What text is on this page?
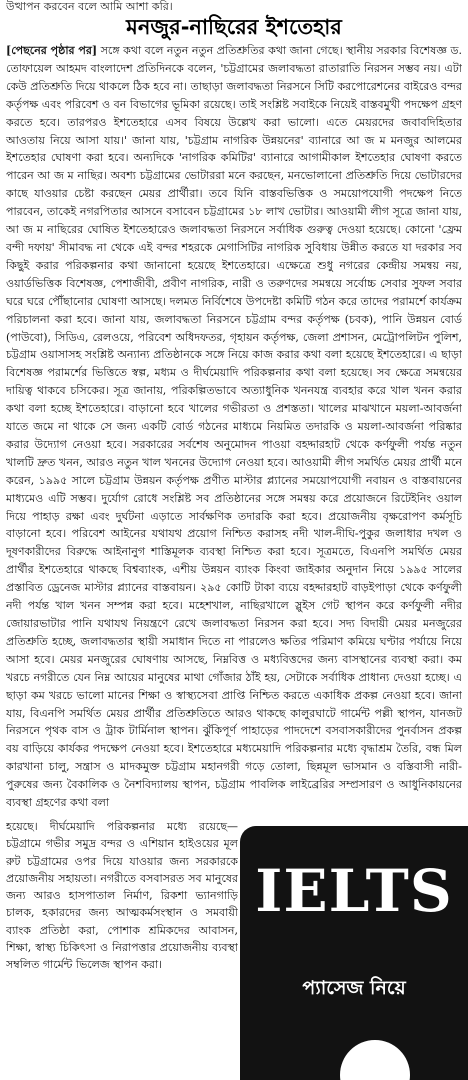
উত্থাপন করবেন বলে আমি আশা করি।
মনজুর-নাছিরের ইশতেহার

[পেছনের পৃষ্ঠার পর] সঙ্গে কথা বলে নতুন নতুন প্রতিশ্রুতির কথা জানা গেছে। স্থানীয় সরকার বিশেষজ্ঞ ড. তোফায়েল আহমদ বাংলাদেশ প্রতিদিনকে বলেন, 'চট্টগ্রামের জলাবদ্ধতা রাতারাতি নিরসন সম্ভব নয়। এটা কেউ প্রতিশ্রুতি দিয়ে থাকলে ঠিক হবে না। তাছাড়া জলাবদ্ধতা নিরসনে সিটি করপোরেশনের বাইরেও বন্দর কর্তৃপক্ষ এবং পরিবেশ ও বন বিভাগের ভূমিকা রয়েছে। তাই সংশ্লিষ্ট সবাইকে নিয়েই বাস্তবমুখী পদক্ষেপ গ্রহণ করতে হবে। তারপরও ইশতেহারে এসব বিষয়ে উল্লেখ করা ভালো। এতে মেয়রদের জবাবদিহিতার আওতায় নিয়ে আসা যায়।' জানা যায়, 'চট্টগ্রাম নাগরিক উন্নয়নের' ব্যানারে আ জ ম মনজুর আলমের ইশতেহার ঘোষণা করা হবে। অন্যদিকে 'নাগরিক কমিটির' ব্যানারে আগামীকাল ইশতেহার ঘোষণা করতে পারেন আ জ ম নাছির। অবশ্য চট্টগ্রামের ভোটাররা মনে করছেন, মনভোলানো প্রতিশ্রুতি দিয়ে ভোটারদের কাছে যাওয়ার চেষ্টা করছেন মেয়র প্রার্থীরা। তবে যিনি বাস্তবভিত্তিক ও সময়োপযোগী পদক্ষেপ নিতে পারবেন, তাকেই নগরপিতার আসনে বসাবেন চট্টগ্রামের ১৮ লাখ ভোটার। আওয়ামী লীগ সূত্রে জানা যায়, আ জ ম নাছিরের ঘোষিত ইশতেহারেও জলাবদ্ধতা নিরসনে সর্বাধিক গুরুত্ব দেওয়া হয়েছে। কোনো 'ফ্রেম বন্দী দফায়' সীমাবদ্ধ না থেকে এই বন্দর শহরকে মেগাসিটির নাগরিক সুবিধায় উন্নীত করতে যা দরকার সব কিছুই করার পরিকল্পনার কথা জানানো হয়েছে ইশতেহারে। এক্ষেত্রে শুধু নগরের কেন্দ্রীয় সমন্বয় নয়, ওয়ার্ডভিত্তিক বিশেষজ্ঞ, পেশাজীবী, প্রবীণ নাগরিক, নারী ও তরুণদের সমন্বয়ে সর্বোচ্চ সেবার সুফল সবার ঘরে ঘরে পৌঁছানোর ঘোষণা আসছে। দলমত নির্বিশেষে উপদেষ্টা কমিটি গঠন করে তাদের পরামর্শে কার্যক্রম পরিচালনা করা হবে। জানা যায়, জলাবদ্ধতা নিরসনে চট্টগ্রাম বন্দর কর্তৃপক্ষ (চবক), পানি উন্নয়ন বোর্ড (পাউবো), সিডিএ, রেলওয়ে, পরিবেশ অধিদফতর, গৃহায়ন কর্তৃপক্ষ, জেলা প্রশাসন, মেট্রোপলিটন পুলিশ, চট্টগ্রাম ওয়াসাসহ সংশ্লিষ্ট অন্যান্য প্রতিষ্ঠানকে সঙ্গে নিয়ে কাজ করার কথা বলা হয়েছে ইশতেহারে। এ ছাড়া বিশেষজ্ঞ পরামর্শের ভিত্তিতে স্বল্প, মধ্যম ও দীর্ঘমেয়াদি পরিকল্পনার কথা বলা হয়েছে। সব ক্ষেত্রে সমন্বয়ের দায়িত্ব থাকবে চসিকের। সূত্র জানায়, পরিকল্পিতভাবে অত্যাধুনিক খননযন্ত্র ব্যবহার করে খাল খনন করার কথা বলা হচ্ছে ইশতেহারে। বাড়ানো হবে খালের গভীরতা ও প্রশস্ততা। খালের মাঝখানে ময়লা-আবর্জনা যাতে জমে না থাকে সে জন্য একটি বোর্ড গঠনের মাধ্যমে নিয়মিত তদারকি ও ময়লা-আবর্জনা পরিষ্কার করার উদ্যোগ নেওয়া হবে। সরকারের সর্বশেষ অনুমোদন পাওয়া বহদ্দারহাট থেকে কর্ণফুলী পর্যন্ত নতুন খালটি দ্রুত খনন, আরও নতুন খাল খননের উদ্যোগ নেওয়া হবে। আওয়ামী লীগ সমর্থিত মেয়র প্রার্থী মনে করেন, ১৯৯৫ সালে চট্টগ্রাম উন্নয়ন কর্তৃপক্ষ প্রণীত মাস্টার প্ল্যানের সময়োপযোগী নবায়ন ও বাস্তবায়নের মাধ্যমেও এটি সম্ভব। দুর্যোগ রোধে সংশ্লিষ্ট সব প্রতিষ্ঠানের সঙ্গে সমন্বয় করে প্রয়োজনে রিটেইনিং ওয়াল দিয়ে পাহাড় রক্ষা এবং দুর্ঘটনা এড়াতে সার্বক্ষণিক তদারকি করা হবে। প্রয়োজনীয় বৃক্ষরোপণ কর্মসূচি বাড়ানো হবে। পরিবেশ আইনের যথাযথ প্রয়োগ নিশ্চিত করাসহ নদী খাল-দীঘি-পুকুর জলাধার দখল ও দূষণকারীদের বিরুদ্ধে আইনানুগ শাস্তিমূলক ব্যবস্থা নিশ্চিত করা হবে। সূত্রমতে, বিএনপি সমর্থিত মেয়র প্রার্থীর ইশতেহারে থাকছে বিশ্বব্যাংক, এশীয় উন্নয়ন ব্যাংক কিংবা জাইকার অনুদান নিয়ে ১৯৯৫ সালের প্রস্তাবিত ড্রেনেজ মাস্টার প্ল্যানের বাস্তবায়ন। ২৯৫ কোটি টাকা ব্যয়ে বহদ্দারহাট বাড়ইপাড়া থেকে কর্ণফুলী নদী পর্যন্ত খাল খনন সম্পন্ন করা হবে। মহেশখাল, নাছিরখালে স্লুইস গেট স্থাপন করে কর্ণফুলী নদীর জোয়ারভাটার পানি যথাযথ নিয়ন্ত্রণে রেখে জলাবদ্ধতা নিরসন করা হবে। সদ্য বিদায়ী মেয়র মনজুরের প্রতিশ্রুতি হচ্ছে, জলাবদ্ধতার স্থায়ী সমাধান দিতে না পারলেও ক্ষতির পরিমাণ কমিয়ে ঘণ্টার পর্যায়ে নিয়ে আসা হবে। মেয়র মনজুরের ঘোষণায় আসছে, নিম্নবিত্ত ও মধ্যবিত্তদের জন্য বাসস্থানের ব্যবস্থা করা। কম খরচে নগরীতে যেন নিম্ন আয়ের মানুষের মাথা গোঁজার ঠাঁই হয়, সেটাকে সর্বাধিক প্রাধান্য দেওয়া হচ্ছে। এ ছাড়া কম খরচে ভালো মানের শিক্ষা ও স্বাস্থ্যসেবা প্রাপ্তি নিশ্চিত করতে একাধিক প্রকল্প নেওয়া হবে। জানা যায়, বিএনপি সমর্থিত মেয়র প্রার্থীর প্রতিশ্রুতিতে আরও থাকছে কালুরঘাটে গার্মেন্ট পল্লী স্থাপন, যানজট নিরসনে পৃথক বাস ও ট্রাক টার্মিনাল স্থাপন। ঝুঁকিপূর্ণ পাহাড়ের পাদদেশে বসবাসকারীদের পুনর্বাসন প্রকল্প বয় বাড়িয়ে কার্যকর পদক্ষেপ নেওয়া হবে। ইশতেহারে মধ্যমেয়াদি পরিকল্পনার মধ্যে বৃদ্ধাশ্রম তৈরি, বন্ধ মিল কারখানা চালু, সন্ত্রাস ও মাদকমুক্ত চট্টগ্রাম মহানগরী গড়ে তোলা, ছিন্নমূল ভাসমান ও বস্তিবাসী নারী-পুরুষের জন্য বৈকালিক ও নৈশবিদ্যালয় স্থাপন, চট্টগ্রাম পাবলিক লাইব্রেরির সম্প্রসারণ ও আধুনিকায়নের ব্যবস্থা গ্রহণের কথা বলা

হয়েছে। দীর্ঘমেয়াদি পরিকল্পনার মধ্যে রয়েছে— চট্টগ্রামে গভীর সমুদ্র বন্দর ও এশিয়ান হাইওয়ের মূল রুট চট্টগ্রামের ওপর দিয়ে যাওয়ার জন্য সরকারকে প্রয়োজনীয় সহায়তা। নগরীতে বসবাসরত সব মানুষের জন্য আরও হাসপাতাল নির্মাণ, রিকশা ভ্যানগাড়ি চালক, হকারদের জন্য আত্মকর্মসংস্থান ও সমবায়ী ব্যাংক প্রতিষ্ঠা করা, পোশাক শ্রমিকদের আবাসন, শিক্ষা, স্বাস্থ্য চিকিৎসা ও নিরাপত্তার প্রয়োজনীয় ব্যবস্থা সম্বলিত গার্মেন্ট ভিলেজ স্থাপন করা।

IELTS
প্যাসেজ নিয়ে
